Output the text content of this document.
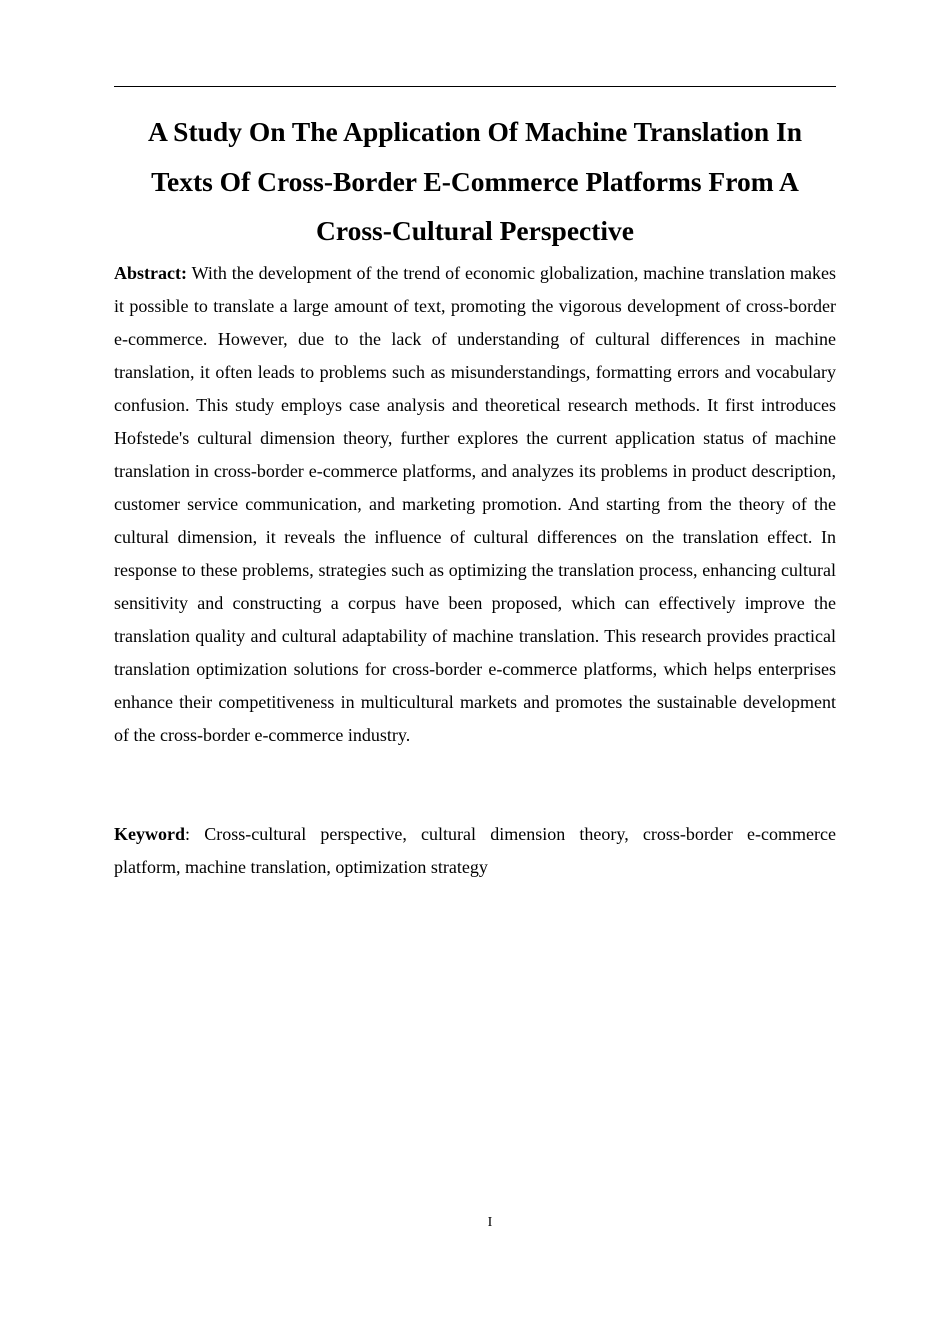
A Study On The Application Of Machine Translation In Texts Of Cross-Border E-Commerce Platforms From A Cross-Cultural Perspective

Abstract: With the development of the trend of economic globalization, machine translation makes it possible to translate a large amount of text, promoting the vigorous development of cross-border e-commerce. However, due to the lack of understanding of cultural differences in machine translation, it often leads to problems such as misunderstandings, formatting errors and vocabulary confusion. This study employs case analysis and theoretical research methods. It first introduces Hofstede's cultural dimension theory, further explores the current application status of machine translation in cross-border e-commerce platforms, and analyzes its problems in product description, customer service communication, and marketing promotion. And starting from the theory of the cultural dimension, it reveals the influence of cultural differences on the translation effect. In response to these problems, strategies such as optimizing the translation process, enhancing cultural sensitivity and constructing a corpus have been proposed, which can effectively improve the translation quality and cultural adaptability of machine translation. This research provides practical translation optimization solutions for cross-border e-commerce platforms, which helps enterprises enhance their competitiveness in multicultural markets and promotes the sustainable development of the cross-border e-commerce industry.

Keyword: Cross-cultural perspective, cultural dimension theory, cross-border e-commerce platform, machine translation, optimization strategy

I
